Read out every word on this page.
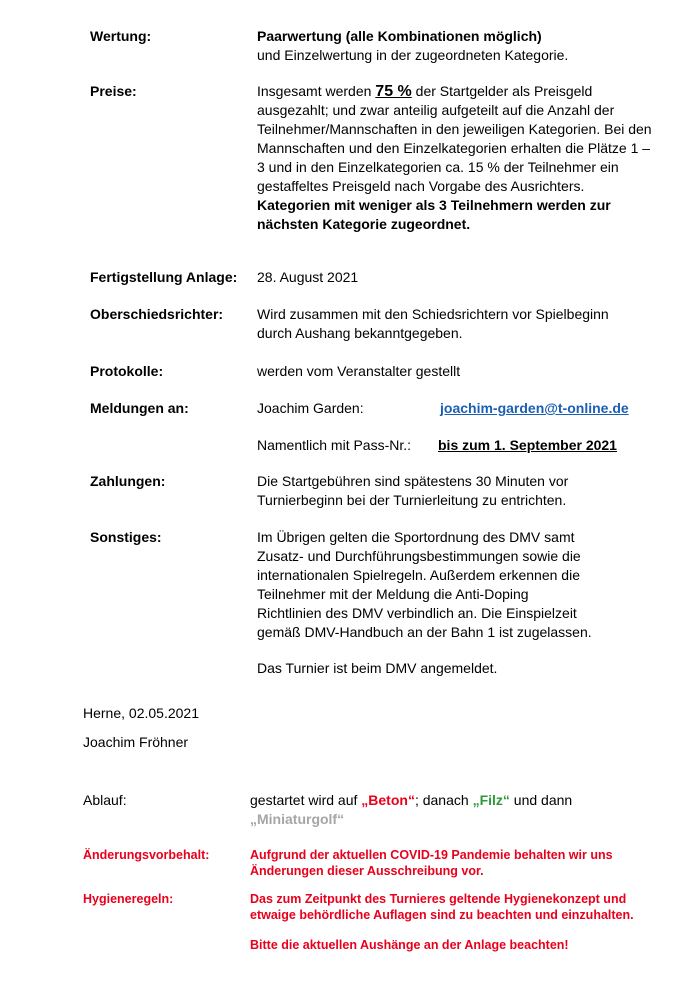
Wertung:	Paarwertung (alle Kombinationen möglich)
und Einzelwertung in der zugeordneten Kategorie.
Preise:	Insgesamt werden 75 % der Startgelder als Preisgeld ausgezahlt; und zwar anteilig aufgeteilt auf die Anzahl der Teilnehmer/Mannschaften in den jeweiligen Kategorien. Bei den Mannschaften und den Einzelkategorien erhalten die Plätze 1 – 3 und in den Einzelkategorien ca. 15 % der Teilnehmer ein gestaffeltes Preisgeld nach Vorgabe des Ausrichters.
Kategorien mit weniger als 3 Teilnehmern werden zur nächsten Kategorie zugeordnet.
Fertigstellung Anlage: 28. August 2021
Oberschiedsrichter: Wird zusammen mit den Schiedsrichtern vor Spielbeginn
durch Aushang bekanntgegeben.
Protokolle:	werden vom Veranstalter gestellt
Meldungen an:	Joachim Garden:	joachim-garden@t-online.de
Namentlich mit Pass-Nr.:	bis zum 1. September 2021
Zahlungen:	Die Startgebühren sind spätestens 30 Minuten vor
Turnierbeginn bei der Turnierleitung zu entrichten.
Sonstiges:	Im Übrigen gelten die Sportordnung des DMV samt
Zusatz- und Durchführungsbestimmungen sowie die
internationalen Spielregeln. Außerdem erkennen die
Teilnehmer mit der Meldung die Anti-Doping
Richtlinien des DMV verbindlich an. Die Einspielzeit
gemäß DMV-Handbuch an der Bahn 1 ist zugelassen.
Das Turnier ist beim DMV angemeldet.
Herne, 02.05.2021
Joachim Fröhner
Ablauf:	gestartet wird auf „Beton“; danach „Filz“ und dann
„Miniaturgolf“
Änderungsvorbehalt:	Aufgrund der aktuellen COVID-19 Pandemie behalten wir uns
Änderungen dieser Ausschreibung vor.
Hygieneregeln:	Das zum Zeitpunkt des Turnieres geltende Hygienekonzept und
etwaige behördliche Auflagen sind zu beachten und einzuhalten.
Bitte die aktuellen Aushänge an der Anlage beachten!
